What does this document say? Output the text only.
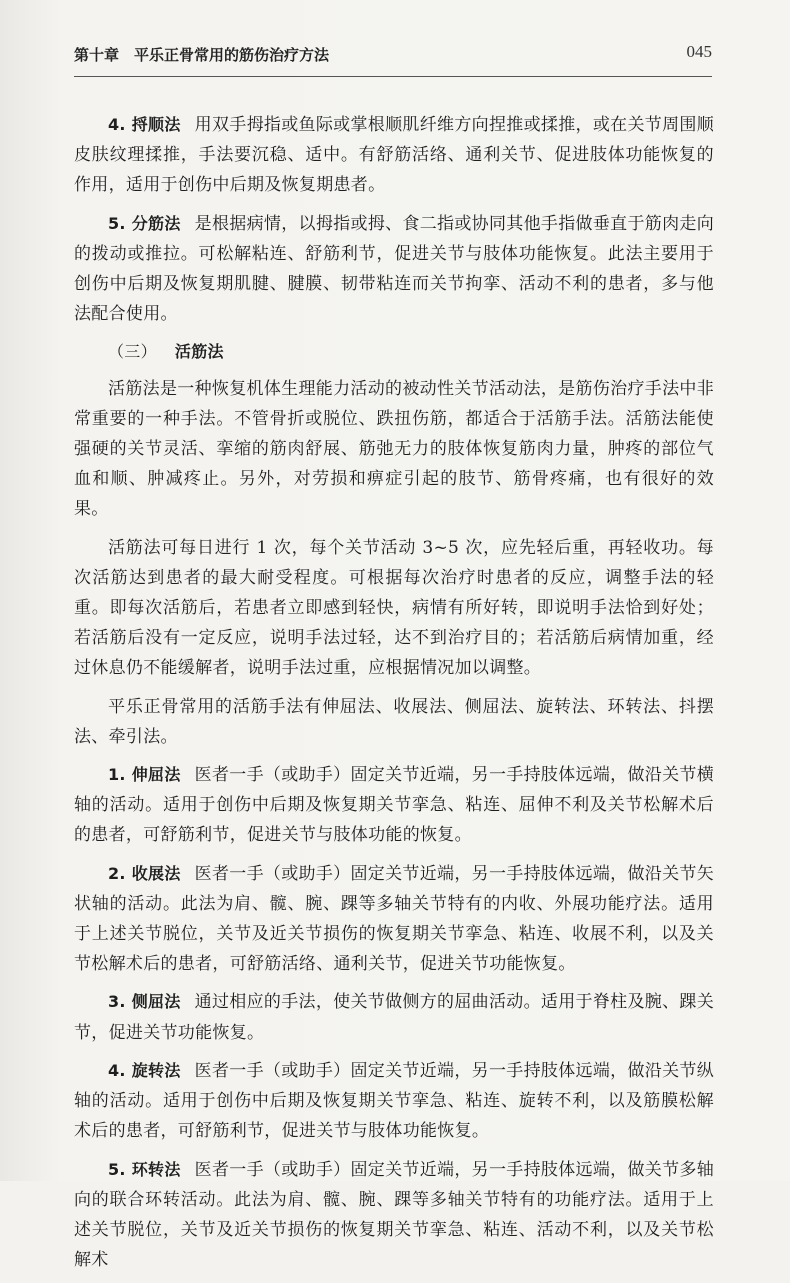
第十章　平乐正骨常用的筋伤治疗方法	045

4. 捋顺法 用双手拇指或鱼际或掌根顺肌纤维方向捏推或揉推，或在关节周围顺皮肤纹理揉推，手法要沉稳、适中。有舒筋活络、通利关节、促进肢体功能恢复的作用，适用于创伤中后期及恢复期患者。

5. 分筋法 是根据病情，以拇指或拇、食二指或协同其他手指做垂直于筋肉走向的拨动或推拉。可松解粘连、舒筋利节，促进关节与肢体功能恢复。此法主要用于创伤中后期及恢复期肌腱、腱膜、韧带粘连而关节拘挛、活动不利的患者，多与他法配合使用。

（三） 活筋法

活筋法是一种恢复机体生理能力活动的被动性关节活动法，是筋伤治疗手法中非常重要的一种手法。不管骨折或脱位、跌扭伤筋，都适合于活筋手法。活筋法能使强硬的关节灵活、挛缩的筋肉舒展、筋弛无力的肢体恢复筋肉力量，肿疼的部位气血和顺、肿减疼止。另外，对劳损和痹症引起的肢节、筋骨疼痛，也有很好的效果。

活筋法可每日进行 1 次，每个关节活动 3~5 次，应先轻后重，再轻收功。每次活筋达到患者的最大耐受程度。可根据每次治疗时患者的反应，调整手法的轻重。即每次活筋后，若患者立即感到轻快，病情有所好转，即说明手法恰到好处；若活筋后没有一定反应，说明手法过轻，达不到治疗目的；若活筋后病情加重，经过休息仍不能缓解者，说明手法过重，应根据情况加以调整。

平乐正骨常用的活筋手法有伸屈法、收展法、侧屈法、旋转法、环转法、抖摆法、牵引法。

1. 伸屈法 医者一手（或助手）固定关节近端，另一手持肢体远端，做沿关节横轴的活动。适用于创伤中后期及恢复期关节挛急、粘连、屈伸不利及关节松解术后的患者，可舒筋利节，促进关节与肢体功能的恢复。

2. 收展法 医者一手（或助手）固定关节近端，另一手持肢体远端，做沿关节矢状轴的活动。此法为肩、髋、腕、踝等多轴关节特有的内收、外展功能疗法。适用于上述关节脱位，关节及近关节损伤的恢复期关节挛急、粘连、收展不利，以及关节松解术后的患者，可舒筋活络、通利关节，促进关节功能恢复。

3. 侧屈法 通过相应的手法，使关节做侧方的屈曲活动。适用于脊柱及腕、踝关节，促进关节功能恢复。

4. 旋转法 医者一手（或助手）固定关节近端，另一手持肢体远端，做沿关节纵轴的活动。适用于创伤中后期及恢复期关节挛急、粘连、旋转不利，以及筋膜松解术后的患者，可舒筋利节，促进关节与肢体功能恢复。

5. 环转法 医者一手（或助手）固定关节近端，另一手持肢体远端，做关节多轴向的联合环转活动。此法为肩、髋、腕、踝等多轴关节特有的功能疗法。适用于上述关节脱位，关节及近关节损伤的恢复期关节挛急、粘连、活动不利，以及关节松解术
